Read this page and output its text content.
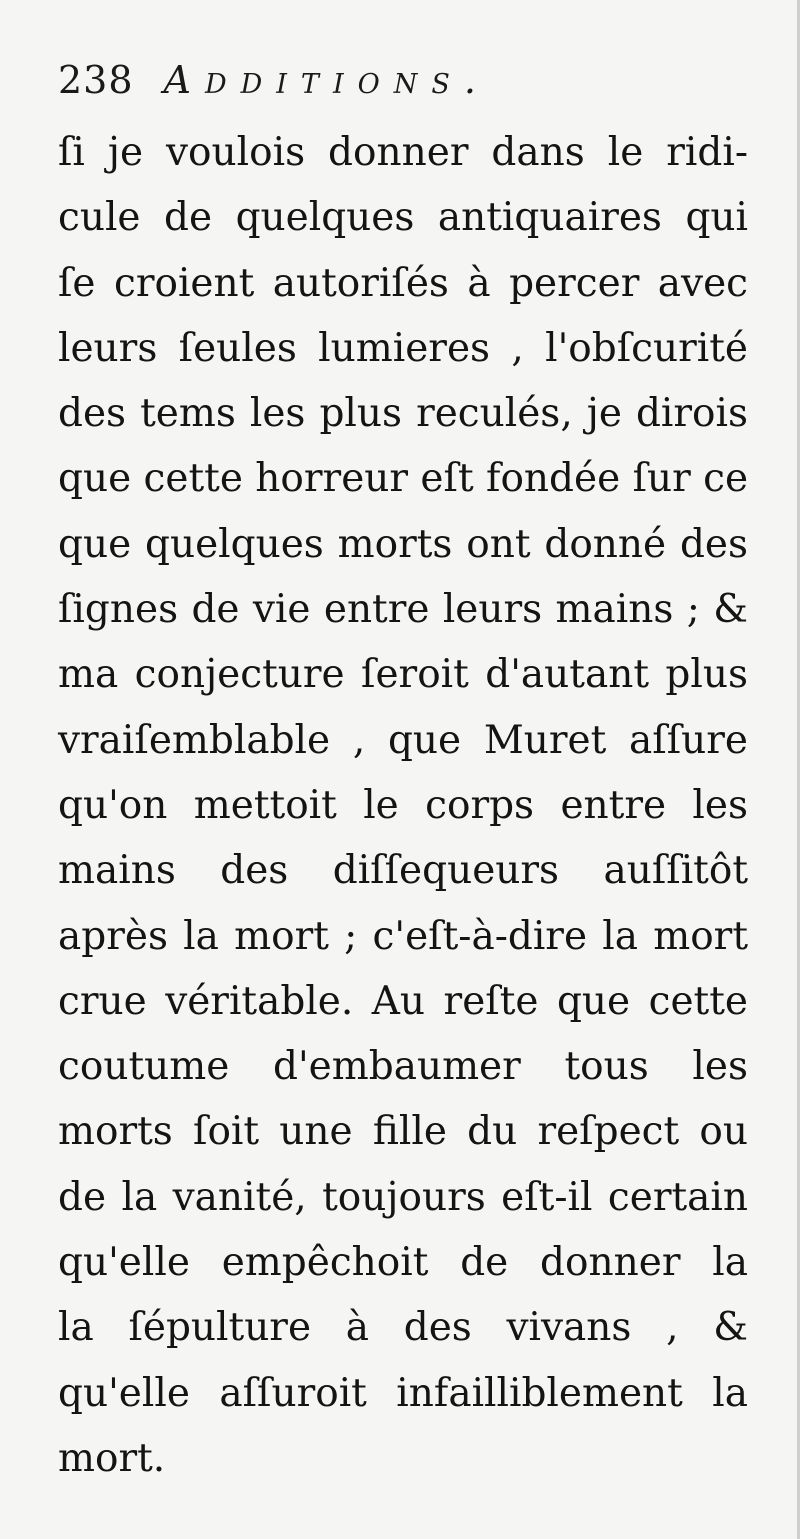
238 Additions.
ſi je voulois donner dans le ridi-
cule de quelques antiquaires qui
ſe croient autoriſés à percer avec
leurs ſeules lumieres , l'obſcurité
des tems les plus reculés, je dirois
que cette horreur eſt fondée ſur ce
que quelques morts ont donné des
ſignes de vie entre leurs mains ; &
ma conjecture ſeroit d'autant plus
vraiſemblable , que Muret aſſure
qu'on mettoit le corps entre les
mains des diſſequeurs auſſitôt
après la mort ; c'eſt-à-dire la mort
crue véritable. Au reſte que cette
coutume d'embaumer tous les
morts ſoit une fille du reſpect ou
de la vanité, toujours eſt-il certain
qu'elle empêchoit de donner la
la ſépulture à des vivans , &
qu'elle aſſuroit infailliblement la
mort.
